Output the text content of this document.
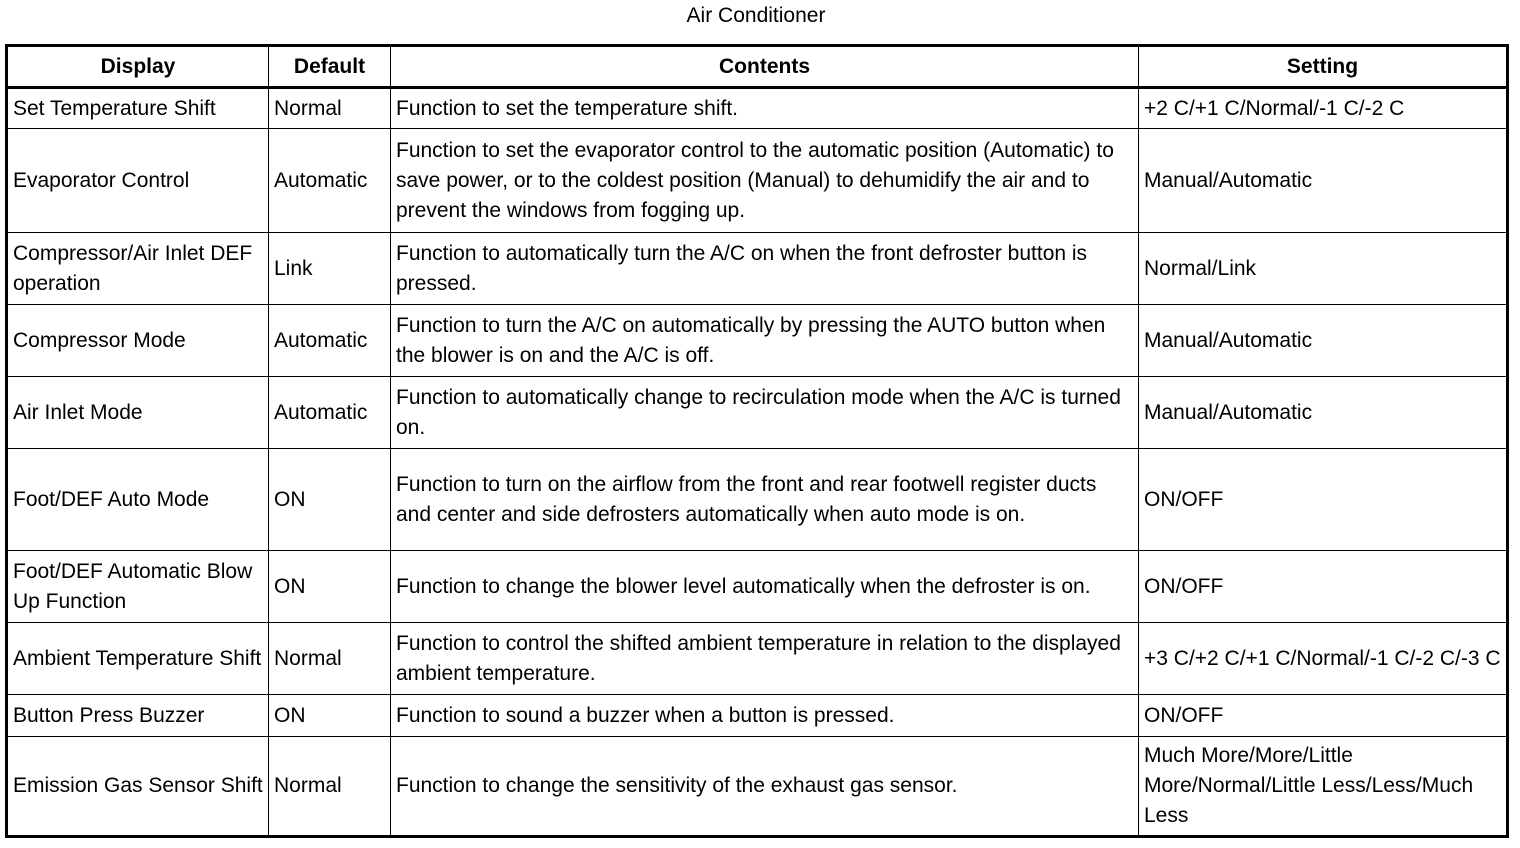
Air Conditioner
Display	Default	Contents	Setting
Set Temperature Shift	Normal	Function to set the temperature shift.	+2 C/+1 C/Normal/-1 C/-2 C
Evaporator Control	Automatic	Function to set the evaporator control to the automatic position (Automatic) to save power, or to the coldest position (Manual) to dehumidify the air and to prevent the windows from fogging up.	Manual/Automatic
Compressor/Air Inlet DEF operation	Link	Function to automatically turn the A/C on when the front defroster button is pressed.	Normal/Link
Compressor Mode	Automatic	Function to turn the A/C on automatically by pressing the AUTO button when the blower is on and the A/C is off.	Manual/Automatic
Air Inlet Mode	Automatic	Function to automatically change to recirculation mode when the A/C is turned on.	Manual/Automatic
Foot/DEF Auto Mode	ON	Function to turn on the airflow from the front and rear footwell register ducts and center and side defrosters automatically when auto mode is on.	ON/OFF
Foot/DEF Automatic Blow Up Function	ON	Function to change the blower level automatically when the defroster is on.	ON/OFF
Ambient Temperature Shift	Normal	Function to control the shifted ambient temperature in relation to the displayed ambient temperature.	+3 C/+2 C/+1 C/Normal/-1 C/-2 C/-3 C
Button Press Buzzer	ON	Function to sound a buzzer when a button is pressed.	ON/OFF
Emission Gas Sensor Shift	Normal	Function to change the sensitivity of the exhaust gas sensor.	Much More/More/Little More/Normal/Little Less/Less/Much Less
